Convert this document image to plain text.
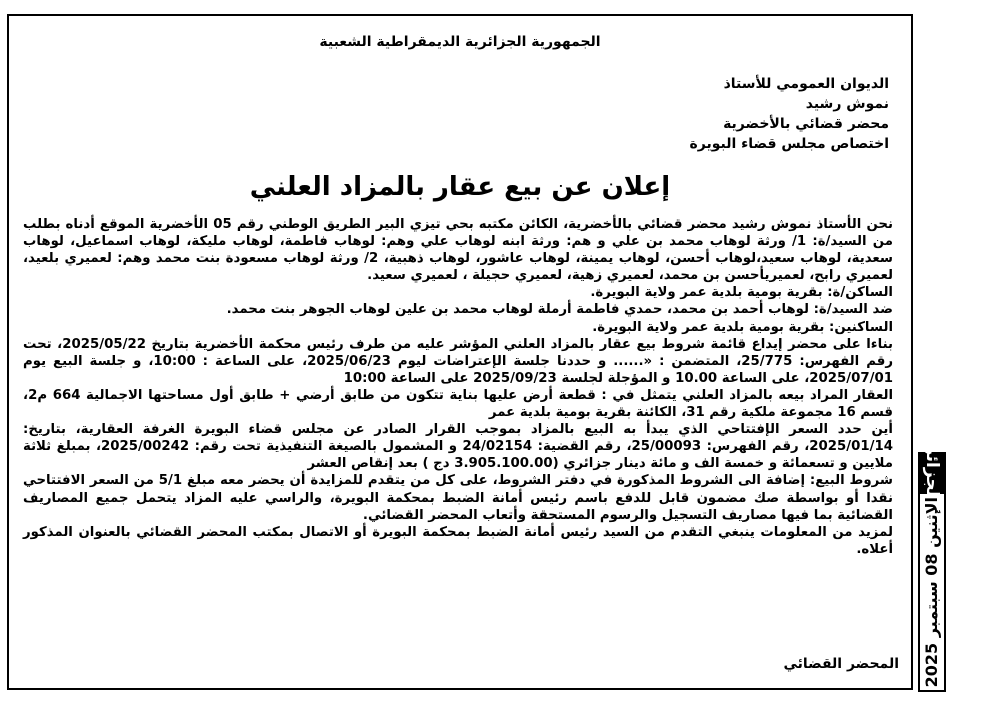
الجمهورية الجزائرية الديمقراطية الشعبية
الديوان العمومي للأستاذ
نموش رشيد
محضر قضائي بالأخضرية
اختصاص مجلس قضاء البويرة
إعلان عن بيع عقار بالمزاد العلني

نحن الأستاذ نموش رشيد محضر قضائي بالأخضرية، الكائن مكتبه بحي تيزي البير الطريق الوطني رقم 05 الأخضرية الموقع أدناه بطلب من السيد/ة: 1/ ورثة لوهاب محمد بن علي و هم: ورثة ابنه لوهاب علي وهم: لوهاب فاطمة، لوهاب مليكة، لوهاب اسماعيل، لوهاب سعدية، لوهاب سعيد،لوهاب أحسن، لوهاب يمينة، لوهاب عاشور، لوهاب ذهبية، 2/ ورثة لوهاب مسعودة بنت محمد وهم: لعميري بلعيد، لعميري رابح، لعميريأحسن بن محمد، لعميري زهية، لعميري حجيلة ، لعميري سعيد.

الساكن/ة: بقرية بومية بلدية عمر ولاية البويرة.

ضد السيد/ة: لوهاب أحمد بن محمد، حمدي فاطمة أرملة لوهاب محمد بن علين لوهاب الجوهر بنت محمد.

الساكنين: بقرية بومية بلدية عمر ولاية البويرة.

بناءا على محضر إيداع قائمة شروط بيع عقار بالمزاد العلني المؤشر عليه من طرف رئيس محكمة الأخضرية بتاريخ 2025/05/22، تحت رقم الفهرس: 25/775، المتضمن : «...... و حددنا جلسة الإعتراضات ليوم 2025/06/23، على الساعة : 10:00، و جلسة البيع يوم 2025/07/01، على الساعة 10.00 و المؤجلة لجلسة 2025/09/23 على الساعة 10:00

العقار المراد بيعه بالمزاد العلني يتمثل في : قطعة أرض عليها بناية تتكون من طابق أرضي + طابق أول مساحتها الاجمالية 664 م2، قسم 16 مجموعة ملكية رقم 31، الكائنة بقرية بومية بلدية عمر

أين حدد السعر الإفتتاحي الذي يبدأ به البيع بالمزاد بموجب القرار الصادر عن مجلس قضاء البويرة الغرفة العقارية، بتاريخ: 2025/01/14، رقم الفهرس: 25/00093، رقم القضية: 24/02154 و المشمول بالصيغة التنفيذية تحت رقم: 2025/00242، بمبلغ ثلاثة ملايين و تسعمائة و خمسة الف و مائة دينار جزائري (3.905.100.00 دج ) بعد إنقاص العشر

شروط البيع: إضافة الى الشروط المذكورة في دفتر الشروط، على كل من يتقدم للمزايدة أن يحضر معه مبلغ 5/1 من السعر الافتتاحي نقدا أو بواسطة صك مضمون قابل للدفع باسم رئيس أمانة الضبط بمحكمة البويرة، والراسي عليه المزاد يتحمل جميع المصاريف القضائية بما فيها مصاريف التسجيل والرسوم المستحقة وأتعاب المحضر القضائي.

لمزيد من المعلومات ينبغي التقدم من السيد رئيس أمانة الضبط بمحكمة البويرة أو الاتصال بمكتب المحضر القضائي بالعنوان المذكور أعلاه.

المحضر القضائي
الجزائر
الإثنين 08 سبتمبر 2025
